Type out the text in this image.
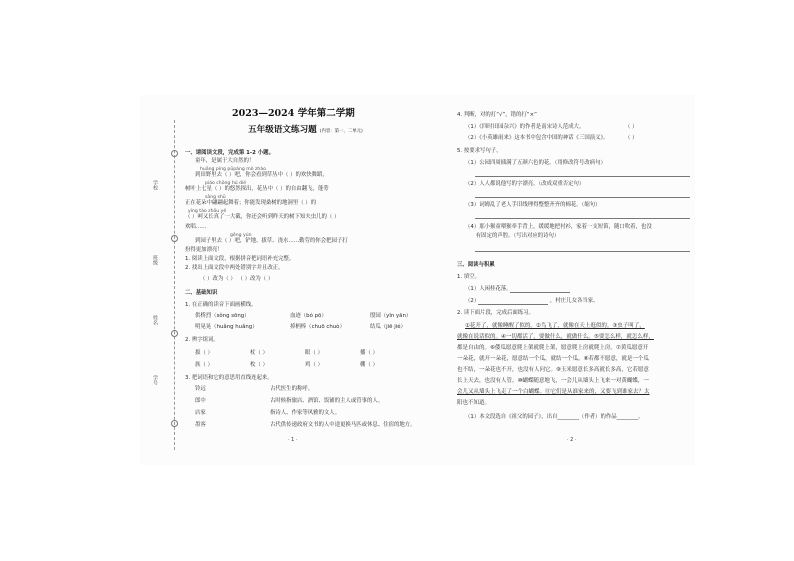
学校
班级
姓名
学号
2023—2024 学年第二学期
五年级语文练习题 (内容：第一、二单元)
一、请阅读文段，完成第 1-2 小题。
童年，是属于大自然的！
huāng pìng pūpáng mò zhào
到田野里去（ ）吧，你会看到草丛中（ ）的欢快舞蹈，
piáo chōng hú dié
树叶上七星（ ）的悠然探出，花丛中（ ）的自由翻飞，蓬蒡
sāng shū
正在花朵中翩翩起舞着；你能发现桑树的地洞里（ ）的
yíng tào zhōu yé
（ ）呵又长真了一大截，你还会听到昨天的树下知夫虫儿的（ ）
欢唱……
gēng yún
到园子里去（ ）吧，铲地、拔草、浇水……勤劳的你会把园子打
扮得更加漂亮！
1. 阅读上面文段，根据拼音把词语补充完整。
2. 找出上面文段中两处错别字并且改正。
（ ）改为（ ） （ ）改为（ ）
二、基础知识
1. 在正确的读音下面画横线。
供桥烈（sǒng sōng）	血迹（bó pō）	殷园（yīn yān）
明晃晃（huǎng huǎng）	掉柄棒（chuō chuò）	结瓜（jiē jié）
2. 辨字组词。
拔（ ）	杖（ ）	眼（ ）	播（ ）
族（ ）	枚（ ）	鸡（ ）	棚（ ）
3. 把词语和它的意思用直线连起来。
铃远	古代医生的称呼。
郎中	古时候指旅店、酒馆、饭铺的主人或管事的人。
店家	指诗人、作家等风雅的文人。
墨客	古代供传递政府文书的人中途更换马匹或休息、住宿的地方。
· 1 ·
4. 判断，对的打“√”，错的打“×”
（1）《四时田园杂兴》的作者是南宋诗人范成大。	（ ）
（2）《小英雄雨来》这本书中包含中国的神话《三国演义》。	（ ）
5. 按要求写句子。
（1）公园四周插满了五颜六色的花。（用修改符号改病句）
（2）人人都说他写的字漂亮。（改成双重否定句）
（3）词姆乱了老人手旧线理得整整齐齐的棉花。（缩句）
（4）那小猴童喂猴牵手背上，缓缓地把衬衫，家着一支短笛，随口吹着，也没
　　有固定的声腔。（写出对应的诗句）
三、阅读与积累
1. 填空。
（1）人闲桂花落，
（2）	，村庄儿女各当家。
2. 读下面片段，完成后面练习。
①花开了，就像睡醒了似的。②鸟飞了，就像在天上逛似的。③虫子叫了，
就像在说话似的。④一切都活了，要做什么，就做什么。⑤要怎么样，就怎么样，
都是自由的。⑥倭瓜愿意爬上架就爬上架，愿意爬上房就爬上房。⑦黄瓜愿意开
一朵花，就开一朵花，愿意结一个瓜，就结一个瓜。⑧若都不愿意，就是一个瓜
也不结，一朵花也不开，也没有人问它。⑨玉米愿意长多高就长多高，它若愿意
长上天去，也没有人管。⑩蝴蝶随意地飞，一会儿从墙头上飞来一对黄蝴蝶，一
会儿又从墙头上飞走了一个白蝴蝶。⑪它们是从谁家来的，又要飞到谁家去？太
阳也不知道。
（1）本文段选自《祖父的园子》，出自________（作者）的作品________。
· 2 ·
